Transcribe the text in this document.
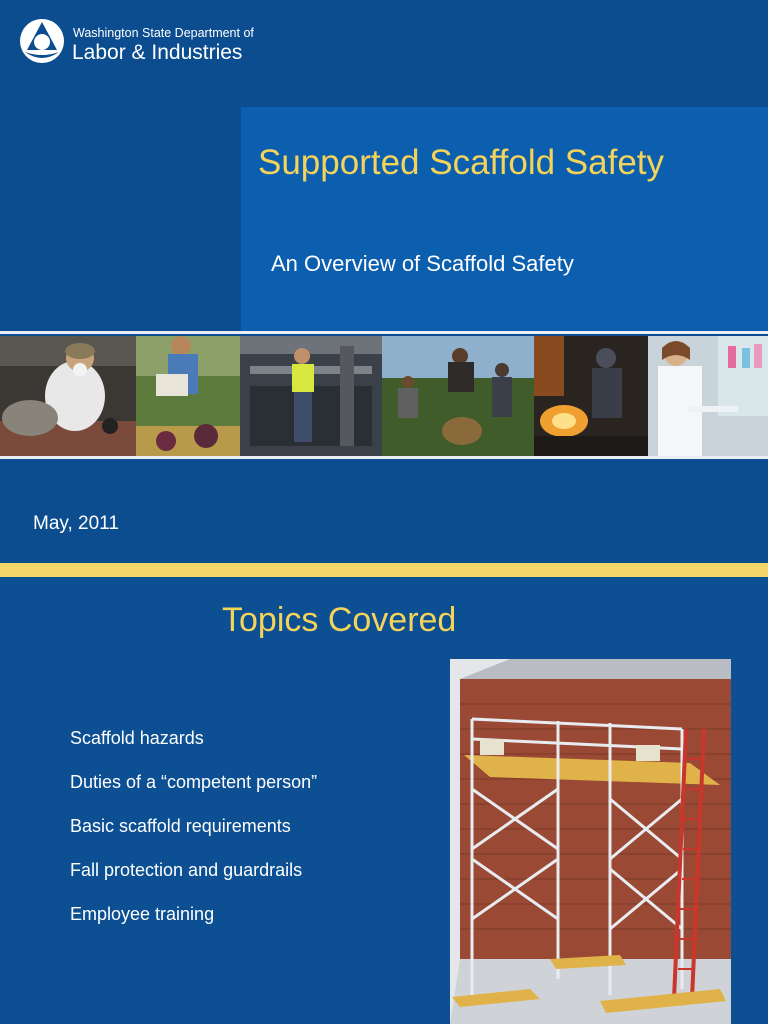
Washington State Department of
Labor & Industries
Supported Scaffold Safety
An Overview of Scaffold Safety
May, 2011
Topics Covered
Scaffold hazards
Duties of a “competent person”
Basic scaffold requirements
Fall protection and guardrails
Employee training
